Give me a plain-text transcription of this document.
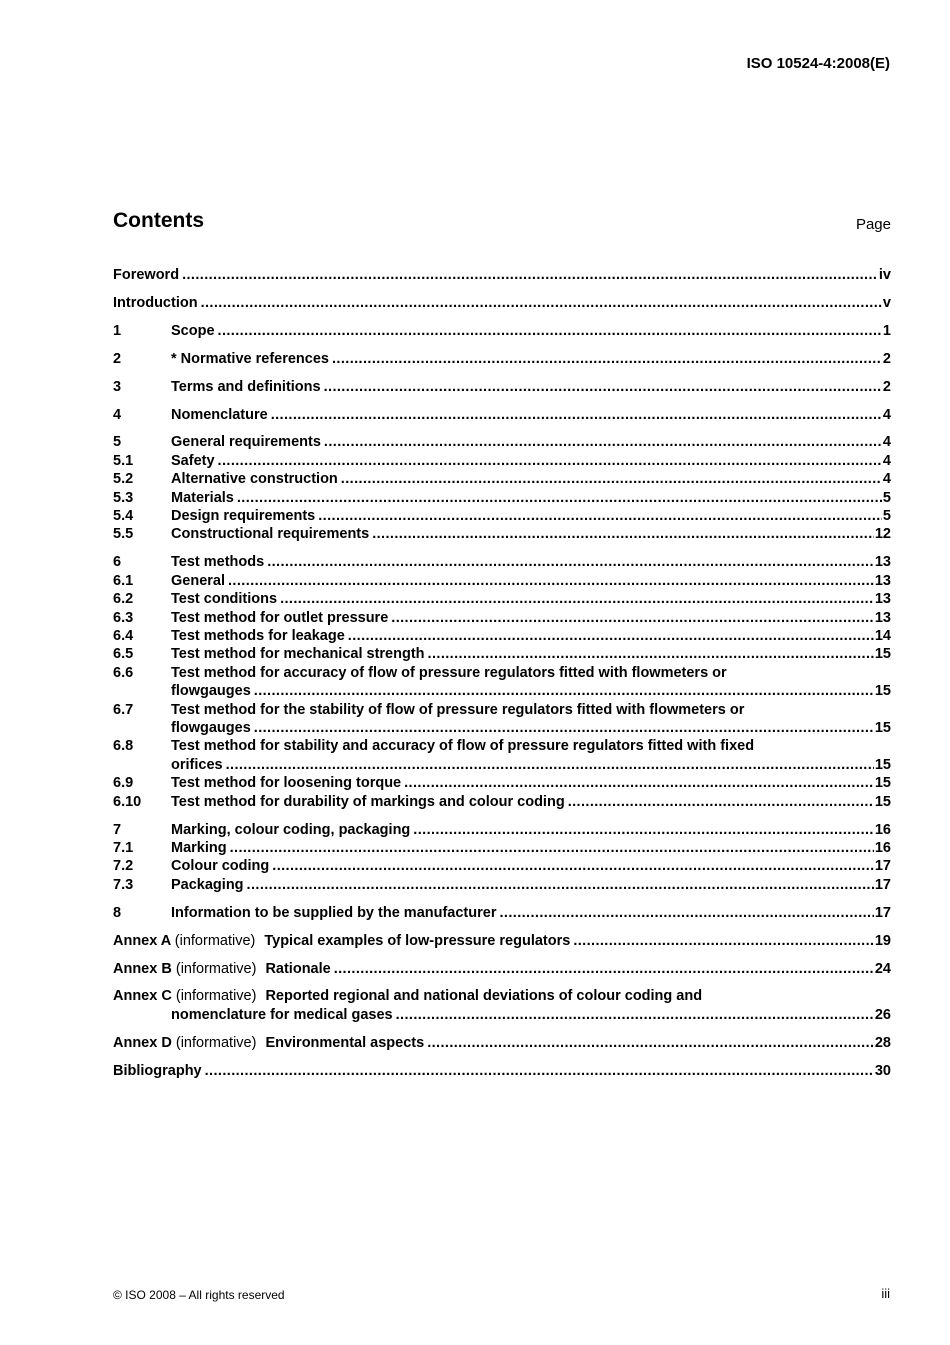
ISO 10524-4:2008(E)
Contents	Page
Foreword .....	iv
Introduction .....	v
1	Scope .....	1
2	* Normative references .....	2
3	Terms and definitions .....	2
4	Nomenclature .....	4
5	General requirements .....	4
5.1	Safety .....	4
5.2	Alternative construction .....	4
5.3	Materials .....	5
5.4	Design requirements .....	5
5.5	Constructional requirements .....	12
6	Test methods .....	13
6.1	General .....	13
6.2	Test conditions .....	13
6.3	Test method for outlet pressure .....	13
6.4	Test methods for leakage .....	14
6.5	Test method for mechanical strength .....	15
6.6	Test method for accuracy of flow of pressure regulators fitted with flowmeters or
flowgauges .....	15
6.7	Test method for the stability of flow of pressure regulators fitted with flowmeters or
flowgauges .....	15
6.8	Test method for stability and accuracy of flow of pressure regulators fitted with fixed
orifices .....	15
6.9	Test method for loosening torque .....	15
6.10	Test method for durability of markings and colour coding .....	15
7	Marking, colour coding, packaging .....	16
7.1	Marking .....	16
7.2	Colour coding .....	17
7.3	Packaging .....	17
8	Information to be supplied by the manufacturer .....	17
Annex A (informative) Typical examples of low-pressure regulators .....	19
Annex B (informative) Rationale .....	24
Annex C (informative) Reported regional and national deviations of colour coding and
nomenclature for medical gases .....	26
Annex D (informative) Environmental aspects .....	28
Bibliography .....	30
© ISO 2008 – All rights reserved	iii
